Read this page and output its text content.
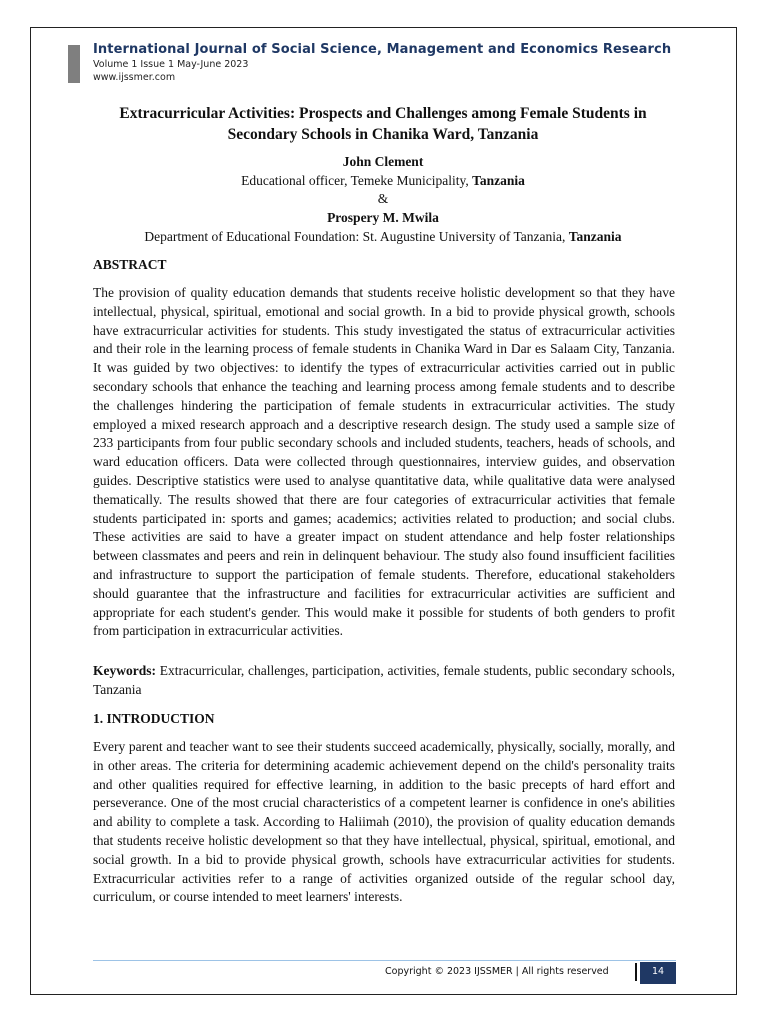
International Journal of Social Science, Management and Economics Research
Volume 1 Issue 1 May-June 2023
www.ijssmer.com
Extracurricular Activities: Prospects and Challenges among Female Students in
Secondary Schools in Chanika Ward, Tanzania
John Clement
Educational officer, Temeke Municipality, Tanzania
&
Prospery M. Mwila
Department of Educational Foundation: St. Augustine University of Tanzania, Tanzania
ABSTRACT

The provision of quality education demands that students receive holistic development so that they have intellectual, physical, spiritual, emotional and social growth. In a bid to provide physical growth, schools have extracurricular activities for students. This study investigated the status of extracurricular activities and their role in the learning process of female students in Chanika Ward in Dar es Salaam City, Tanzania. It was guided by two objectives: to identify the types of extracurricular activities carried out in public secondary schools that enhance the teaching and learning process among female students and to describe the challenges hindering the participation of female students in extracurricular activities. The study employed a mixed research approach and a descriptive research design. The study used a sample size of 233 participants from four public secondary schools and included students, teachers, heads of schools, and ward education officers. Data were collected through questionnaires, interview guides, and observation guides. Descriptive statistics were used to analyse quantitative data, while qualitative data were analysed thematically. The results showed that there are four categories of extracurricular activities that female students participated in: sports and games; academics; activities related to production; and social clubs. These activities are said to have a greater impact on student attendance and help foster relationships between classmates and peers and rein in delinquent behaviour. The study also found insufficient facilities and infrastructure to support the participation of female students. Therefore, educational stakeholders should guarantee that the infrastructure and facilities for extracurricular activities are sufficient and appropriate for each student's gender. This would make it possible for students of both genders to profit from participation in extracurricular activities.

Keywords: Extracurricular, challenges, participation, activities, female students, public secondary schools, Tanzania

1. INTRODUCTION

Every parent and teacher want to see their students succeed academically, physically, socially, morally, and in other areas. The criteria for determining academic achievement depend on the child's personality traits and other qualities required for effective learning, in addition to the basic precepts of hard effort and perseverance. One of the most crucial characteristics of a competent learner is confidence in one's abilities and ability to complete a task. According to Haliimah (2010), the provision of quality education demands that students receive holistic development so that they have intellectual, physical, spiritual, emotional, and social growth. In a bid to provide physical growth, schools have extracurricular activities for students. Extracurricular activities refer to a range of activities organized outside of the regular school day, curriculum, or course intended to meet learners' interests.

Copyright © 2023 IJSSMER | All rights reserved	14
